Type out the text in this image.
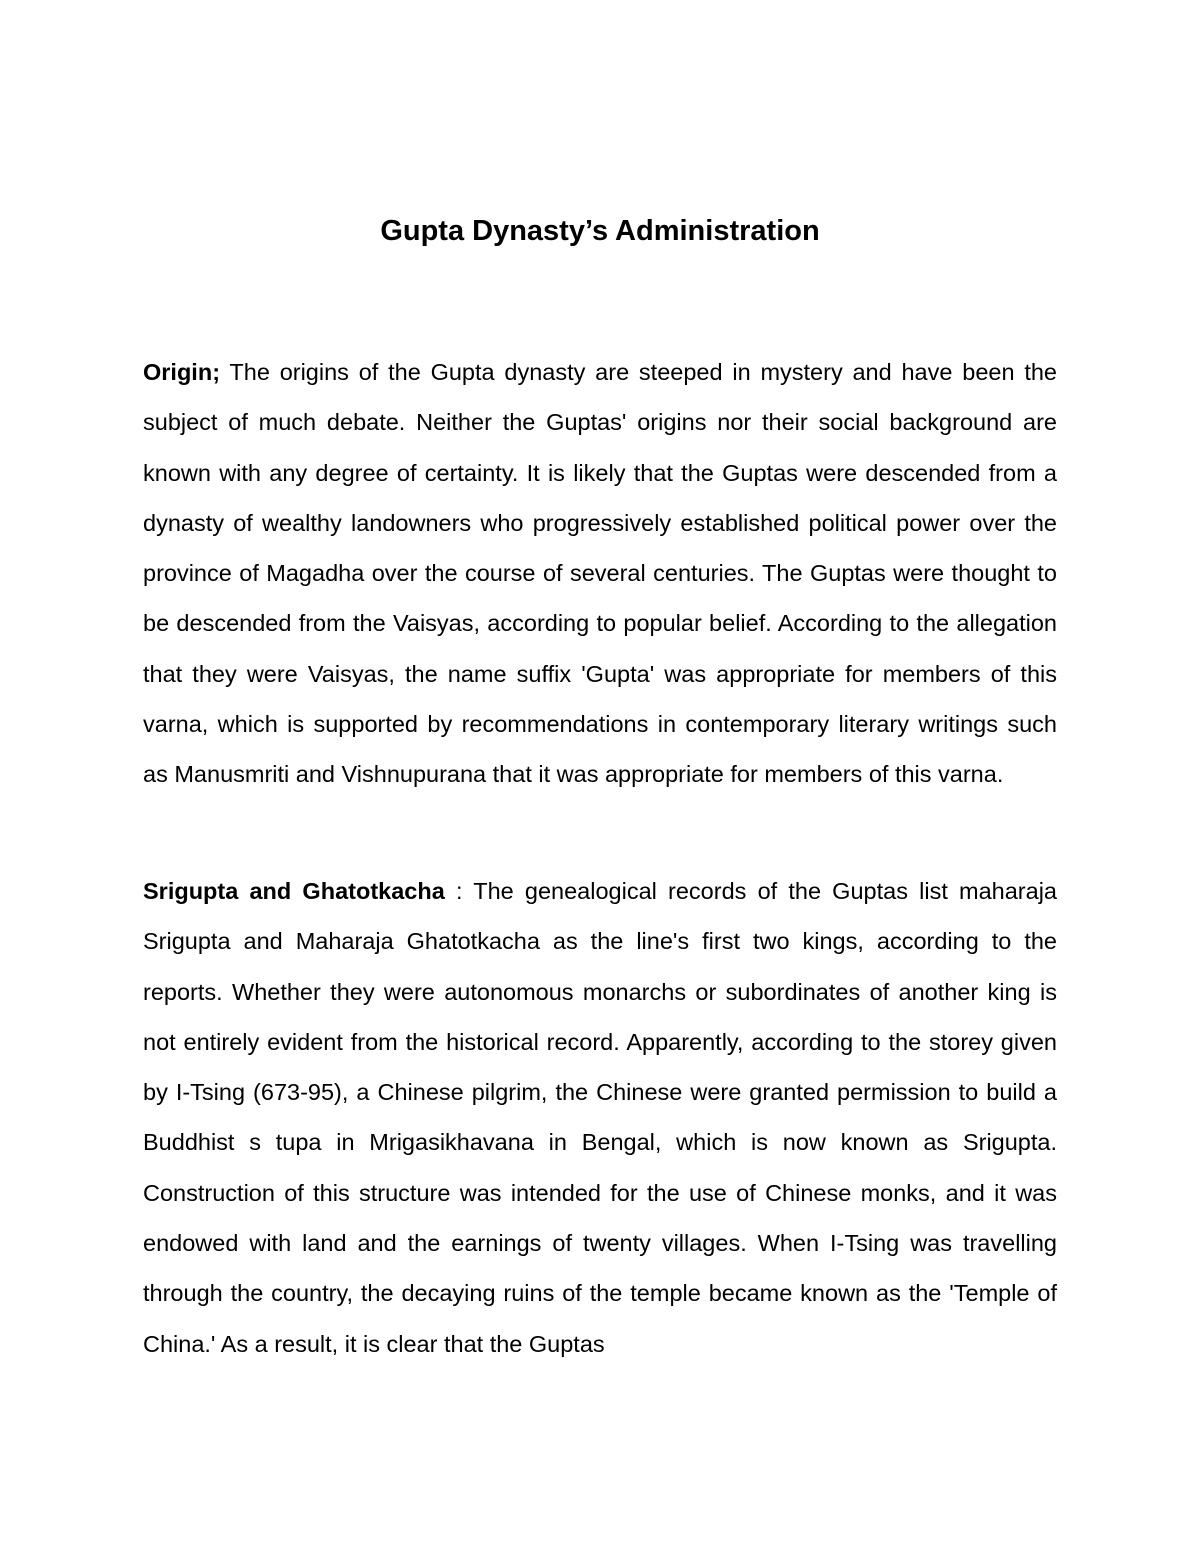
Gupta Dynasty’s Administration

Origin; The origins of the Gupta dynasty are steeped in mystery and have been the subject of much debate. Neither the Guptas' origins nor their social background are known with any degree of certainty. It is likely that the Guptas were descended from a dynasty of wealthy landowners who progressively established political power over the province of Magadha over the course of several centuries. The Guptas were thought to be descended from the Vaisyas, according to popular belief. According to the allegation that they were Vaisyas, the name suffix 'Gupta' was appropriate for members of this varna, which is supported by recommendations in contemporary literary writings such as Manusmriti and Vishnupurana that it was appropriate for members of this varna.

Srigupta and Ghatotkacha : The genealogical records of the Guptas list maharaja Srigupta and Maharaja Ghatotkacha as the line's first two kings, according to the reports. Whether they were autonomous monarchs or subordinates of another king is not entirely evident from the historical record. Apparently, according to the storey given by I-Tsing (673-95), a Chinese pilgrim, the Chinese were granted permission to build a Buddhist s tupa in Mrigasikhavana in Bengal, which is now known as Srigupta. Construction of this structure was intended for the use of Chinese monks, and it was endowed with land and the earnings of twenty villages. When I-Tsing was travelling through the country, the decaying ruins of the temple became known as the 'Temple of China.' As a result, it is clear that the Guptas
